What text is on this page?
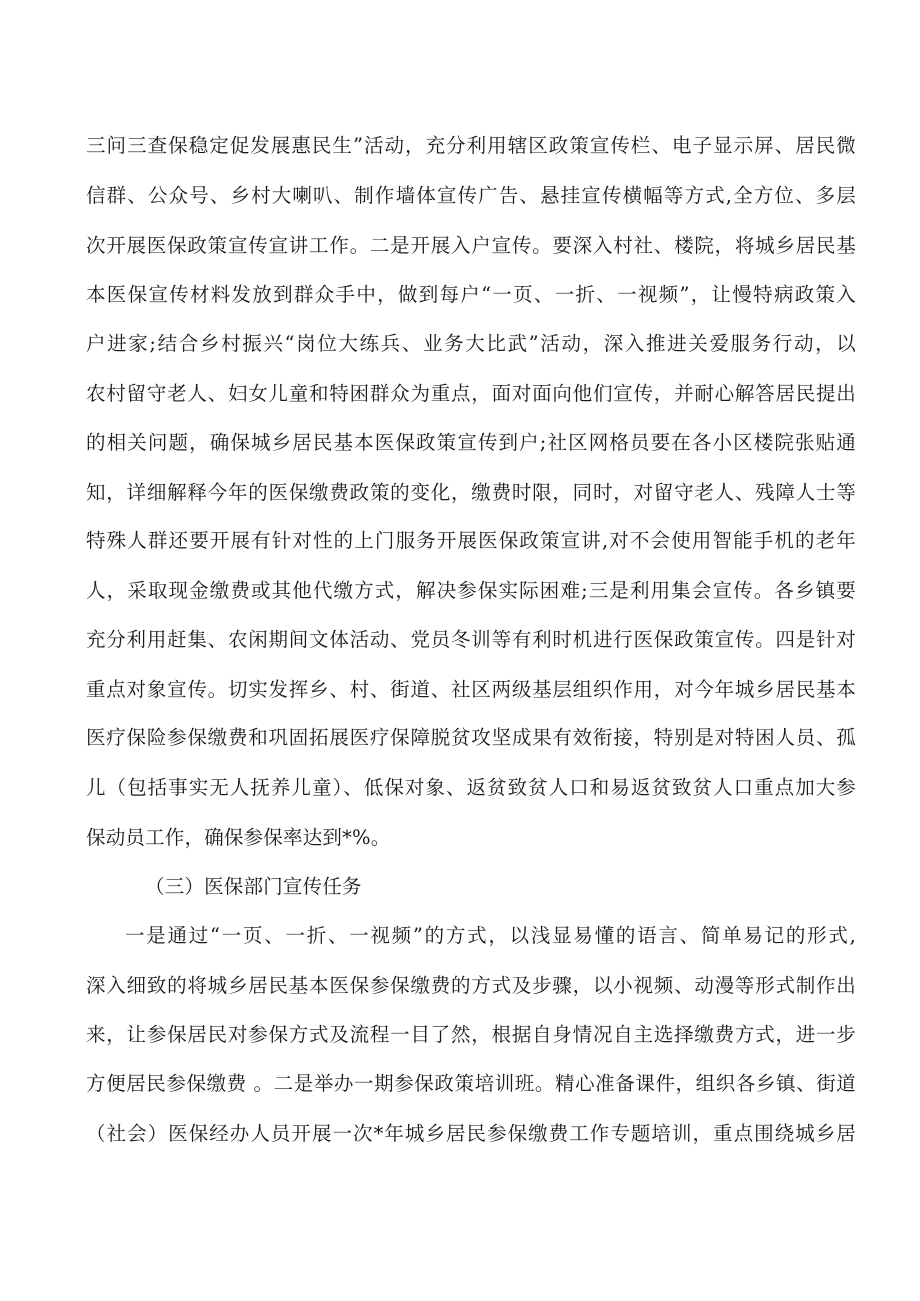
三问三查保稳定促发展惠民生”活动，充分利用辖区政策宣传栏、电子显示屏、居民微
信群、公众号、乡村大喇叭、制作墙体宣传广告、悬挂宣传横幅等方式,全方位、多层
次开展医保政策宣传宣讲工作。二是开展入户宣传。要深入村社、楼院，将城乡居民基
本医保宣传材料发放到群众手中，做到每户“一页、一折、一视频”，让慢特病政策入
户进家;结合乡村振兴“岗位大练兵、业务大比武”活动，深入推进关爱服务行动，以
农村留守老人、妇女儿童和特困群众为重点，面对面向他们宣传，并耐心解答居民提出
的相关问题，确保城乡居民基本医保政策宣传到户;社区网格员要在各小区楼院张贴通
知，详细解释今年的医保缴费政策的变化，缴费时限，同时，对留守老人、残障人士等
特殊人群还要开展有针对性的上门服务开展医保政策宣讲,对不会使用智能手机的老年
人，采取现金缴费或其他代缴方式，解决参保实际困难;三是利用集会宣传。各乡镇要
充分利用赶集、农闲期间文体活动、党员冬训等有利时机进行医保政策宣传。四是针对
重点对象宣传。切实发挥乡、村、街道、社区两级基层组织作用，对今年城乡居民基本
医疗保险参保缴费和巩固拓展医疗保障脱贫攻坚成果有效衔接，特别是对特困人员、孤
儿（包括事实无人抚养儿童）、低保对象、返贫致贫人口和易返贫致贫人口重点加大参
保动员工作，确保参保率达到*%。
（三）医保部门宣传任务
一是通过“一页、一折、一视频”的方式，以浅显易懂的语言、简单易记的形式,
深入细致的将城乡居民基本医保参保缴费的方式及步骤，以小视频、动漫等形式制作出
来，让参保居民对参保方式及流程一目了然，根据自身情况自主选择缴费方式，进一步
方便居民参保缴费 。二是举办一期参保政策培训班。精心准备课件，组织各乡镇、街道
（社会）医保经办人员开展一次*年城乡居民参保缴费工作专题培训，重点围绕城乡居
